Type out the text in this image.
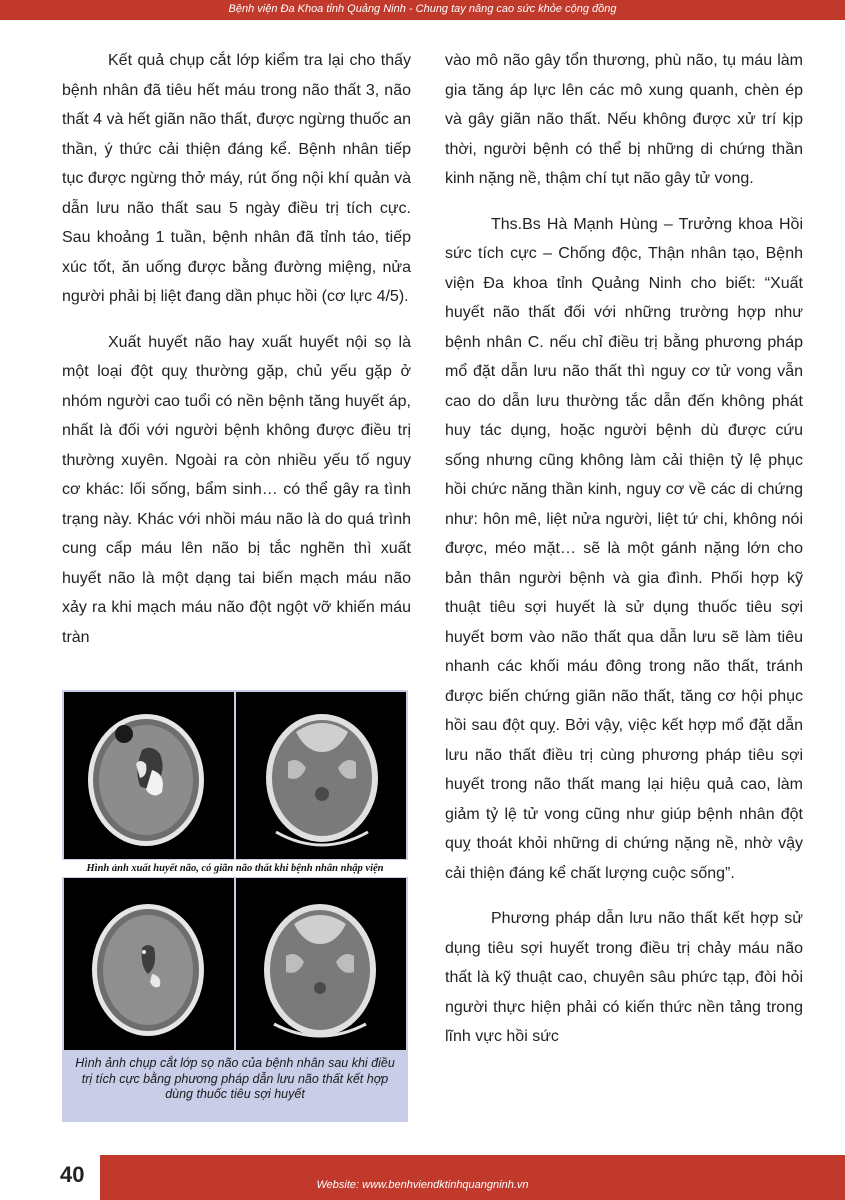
Bệnh viện Đa Khoa tỉnh Quảng Ninh - Chung tay nâng cao sức khỏe cộng đồng

Kết quả chụp cắt lớp kiểm tra lại cho thấy bệnh nhân đã tiêu hết máu trong não thất 3, não thất 4 và hết giãn não thất, được ngừng thuốc an thần, ý thức cải thiện đáng kể. Bệnh nhân tiếp tục được ngừng thở máy, rút ống nội khí quản và dẫn lưu não thất sau 5 ngày điều trị tích cực. Sau khoảng 1 tuần, bệnh nhân đã tỉnh táo, tiếp xúc tốt, ăn uống được bằng đường miệng, nửa người phải bị liệt đang dần phục hồi (cơ lực 4/5).

Xuất huyết não hay xuất huyết nội sọ là một loại đột quỵ thường gặp, chủ yếu gặp ở nhóm người cao tuổi có nền bệnh tăng huyết áp, nhất là đối với người bệnh không được điều trị thường xuyên. Ngoài ra còn nhiều yếu tố nguy cơ khác: lối sống, bẩm sinh… có thể gây ra tình trạng này. Khác với nhồi máu não là do quá trình cung cấp máu lên não bị tắc nghẽn thì xuất huyết não là một dạng tai biến mạch máu não xảy ra khi mạch máu não đột ngột vỡ khiến máu tràn

vào mô não gây tổn thương, phù não, tụ máu làm gia tăng áp lực lên các mô xung quanh, chèn ép và gây giãn não thất. Nếu không được xử trí kịp thời, người bệnh có thể bị những di chứng thần kinh nặng nề, thậm chí tụt não gây tử vong.

Ths.Bs Hà Mạnh Hùng – Trưởng khoa Hồi sức tích cực – Chống độc, Thận nhân tạo, Bệnh viện Đa khoa tỉnh Quảng Ninh cho biết: “Xuất huyết não thất đối với những trường hợp như bệnh nhân C. nếu chỉ điều trị bằng phương pháp mổ đặt dẫn lưu não thất thì nguy cơ tử vong vẫn cao do dẫn lưu thường tắc dẫn đến không phát huy tác dụng, hoặc người bệnh dù được cứu sống nhưng cũng không làm cải thiện tỷ lệ phục hồi chức năng thần kinh, nguy cơ về các di chứng như: hôn mê, liệt nửa người, liệt tứ chi, không nói được, méo mặt… sẽ là một gánh nặng lớn cho bản thân người bệnh và gia đình. Phối hợp kỹ thuật tiêu sợi huyết là sử dụng thuốc tiêu sợi huyết bơm vào não thất qua dẫn lưu sẽ làm tiêu nhanh các khối máu đông trong não thất, tránh được biến chứng giãn não thất, tăng cơ hội phục hồi sau đột quỵ. Bởi vậy, việc kết hợp mổ đặt dẫn lưu não thất điều trị cùng phương pháp tiêu sợi huyết trong não thất mang lại hiệu quả cao, làm giảm tỷ lệ tử vong cũng như giúp bệnh nhân đột quỵ thoát khỏi những di chứng nặng nề, nhờ vậy cải thiện đáng kể chất lượng cuộc sống”.

Phương pháp dẫn lưu não thất kết hợp sử dụng tiêu sợi huyết trong điều trị chảy máu não thất là kỹ thuật cao, chuyên sâu phức tạp, đòi hỏi người thực hiện phải có kiến thức nền tảng trong lĩnh vực hồi sức

Hình ảnh xuất huyết não, có giãn não thất khi bệnh nhân nhập viện
Hình ảnh chụp cắt lớp sọ não của bệnh nhân sau khi điều trị tích cực bằng phương pháp dẫn lưu não thất kết hợp dùng thuốc tiêu sợi huyết
40	Website: www.benhviendktinhquangninh.vn
